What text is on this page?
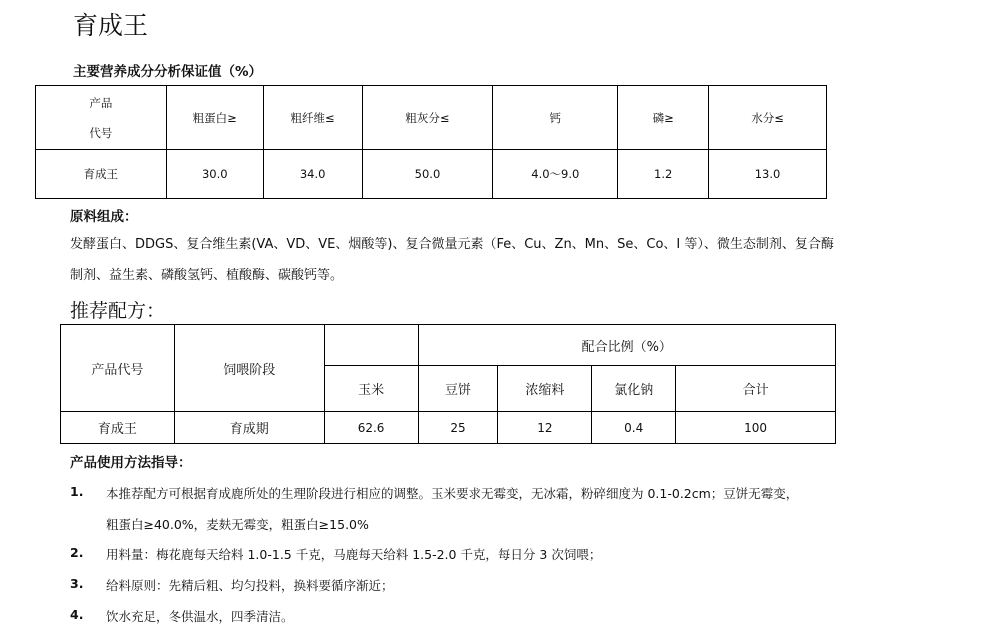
育成王
主要营养成分分析保证值（%）
产品
代号	粗蛋白≥	粗纤维≤	粗灰分≤	钙	磷≥	水分≤
育成王	30.0	34.0	50.0	4.0～9.0	1.2	13.0
原料组成：
发酵蛋白、DDGS、复合维生素(VA、VD、VE、烟酸等)、复合微量元素（Fe、Cu、Zn、Mn、Se、Co、I 等）、微生态制剂、复合酶
制剂、益生素、磷酸氢钙、植酸酶、碳酸钙等。
推荐配方：
产品代号	饲喂阶段		配合比例（%）			
		玉米	豆饼	浓缩料	氯化钠	合计
育成王	育成期	62.6	25	12	0.4	100
产品使用方法指导：
1. 本推荐配方可根据育成鹿所处的生理阶段进行相应的调整。玉米要求无霉变，无冰霜，粉碎细度为 0.1-0.2cm；豆饼无霉变，
粗蛋白≥40.0%，麦麸无霉变，粗蛋白≥15.0%
2. 用料量：梅花鹿每天给料 1.0-1.5 千克，马鹿每天给料 1.5-2.0 千克，每日分 3 次饲喂；
3. 给料原则：先精后粗、均匀投料，换料要循序渐近；
4. 饮水充足，冬供温水，四季清洁。
